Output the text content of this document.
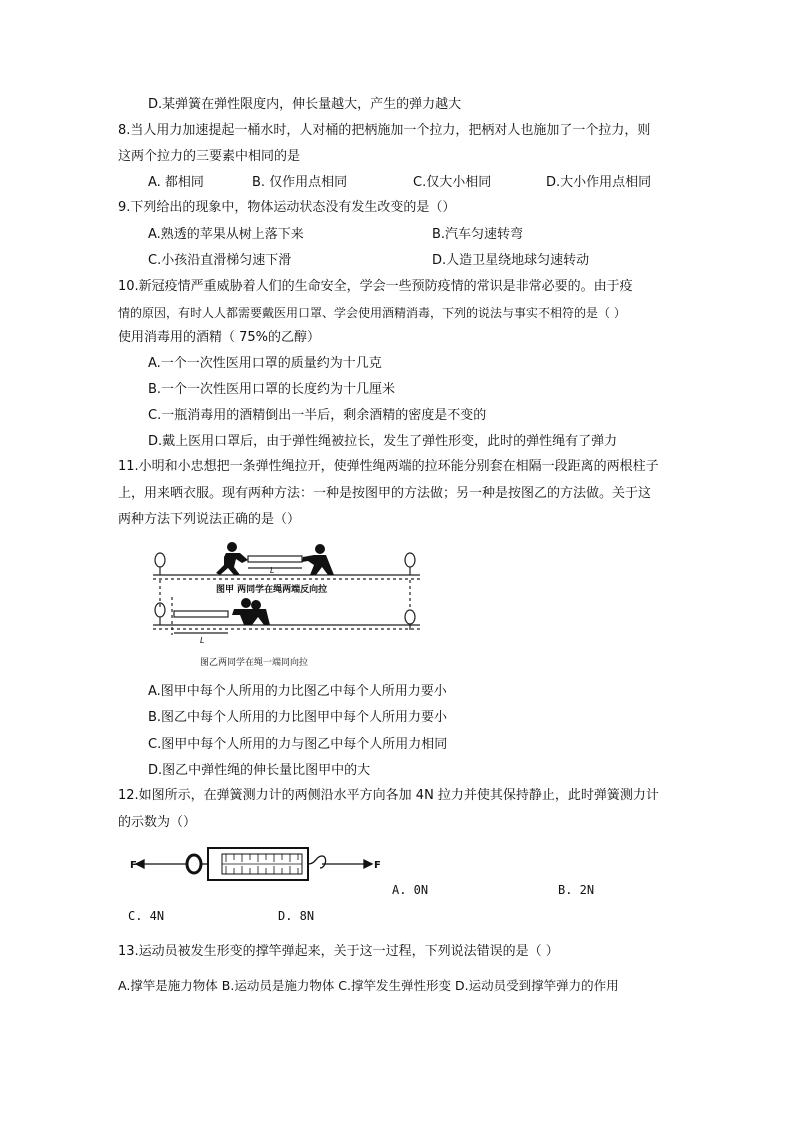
D.某弹簧在弹性限度内，伸长量越大，产生的弹力越大
8.当人用力加速提起一桶水时，人对桶的把柄施加一个拉力，把柄对人也施加了一个拉力，则
这两个拉力的三要素中相同的是
A. 都相同	B. 仅作用点相同	C.仅大小相同	D.大小作用点相同
9.下列给出的现象中，物体运动状态没有发生改变的是（）
A.熟透的苹果从树上落下来	B.汽车匀速转弯
C.小孩沿直滑梯匀速下滑	D.人造卫星绕地球匀速转动
10.新冠疫情严重威胁着人们的生命安全，学会一些预防疫情的常识是非常必要的。由于疫
情的原因，有时人人都需要戴医用口罩、学会使用酒精消毒，下列的说法与事实不相符的是（ ）
使用消毒用的酒精（ 75%的乙醇）
A.一个一次性医用口罩的质量约为十几克
B.一个一次性医用口罩的长度约为十几厘米
C.一瓶消毒用的酒精倒出一半后，剩余酒精的密度是不变的
D.戴上医用口罩后，由于弹性绳被拉长，发生了弹性形变，此时的弹性绳有了弹力
11.小明和小忠想把一条弹性绳拉开，使弹性绳两端的拉环能分别套在相隔一段距离的两根柱子
上，用来晒衣服。现有两种方法：一种是按图甲的方法做；另一种是按图乙的方法做。关于这
两种方法下列说法正确的是（）
L
L
图甲 两同学在绳两端反向拉
图乙两同学在绳一端同向拉
A.图甲中每个人所用的力比图乙中每个人所用力要小
B.图乙中每个人所用的力比图甲中每个人所用力要小
C.图甲中每个人所用的力与图乙中每个人所用力相同
D.图乙中弹性绳的伸长量比图甲中的大
12.如图所示，在弹簧测力计的两侧沿水平方向各加 4N 拉力并使其保持静止，此时弹簧测力计
的示数为（）
F	F
A. 0N	B. 2N
C. 4N	D. 8N
13.运动员被发生形变的撑竿弹起来，关于这一过程，下列说法错误的是（ ）
A.撑竿是施力物体 B.运动员是施力物体 C.撑竿发生弹性形变 D.运动员受到撑竿弹力的作用
